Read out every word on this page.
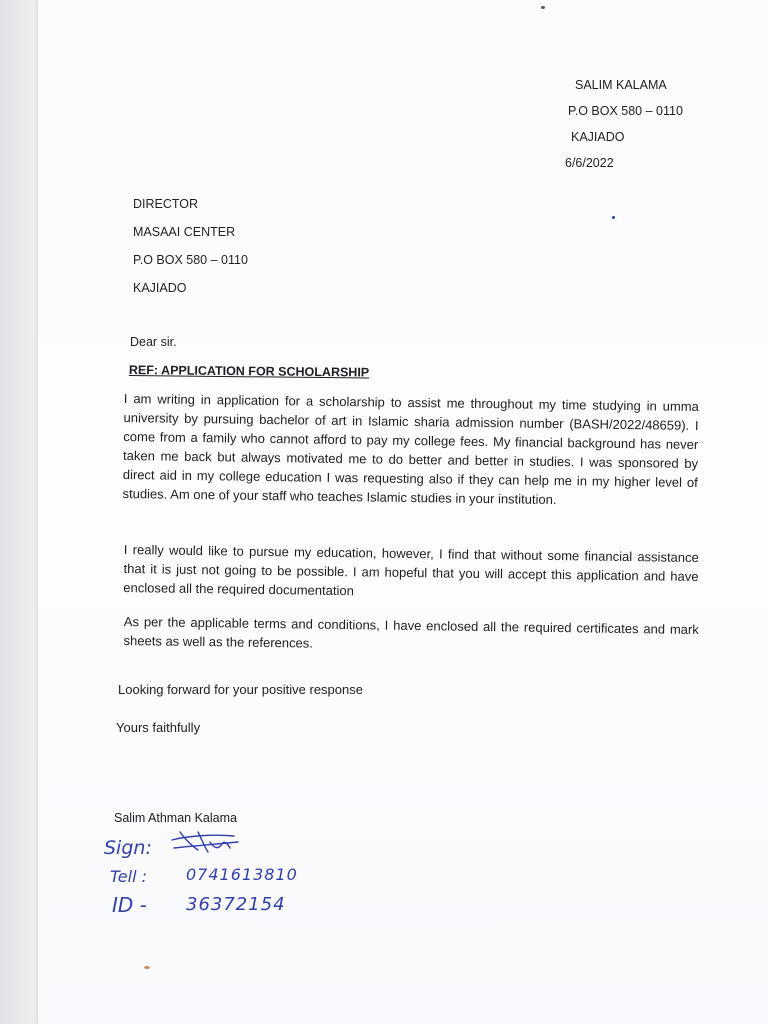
SALIM KALAMA
P.O BOX 580 – 0110
KAJIADO
6/6/2022
DIRECTOR
MASAAI CENTER
P.O BOX 580 – 0110
KAJIADO
Dear sir.
REF: APPLICATION FOR SCHOLARSHIP
I am writing in application for a scholarship to assist me throughout my time studying in umma university by pursuing bachelor of art in Islamic sharia admission number (BASH/2022/48659). I come from a family who cannot afford to pay my college fees. My financial background has never taken me back but always motivated me to do better and better in studies. I was sponsored by direct aid in my college education I was requesting also if they can help me in my higher level of studies. Am one of your staff who teaches Islamic studies in your institution.
I really would like to pursue my education, however, I find that without some financial assistance that it is just not going to be possible. I am hopeful that you will accept this application and have enclosed all the required documentation
As per the applicable terms and conditions, I have enclosed all the required certificates and mark sheets as well as the references.
Looking forward for your positive response
Yours faithfully
Salim Athman Kalama
Sign:
Tell : 0741613810
ID - 36372154
